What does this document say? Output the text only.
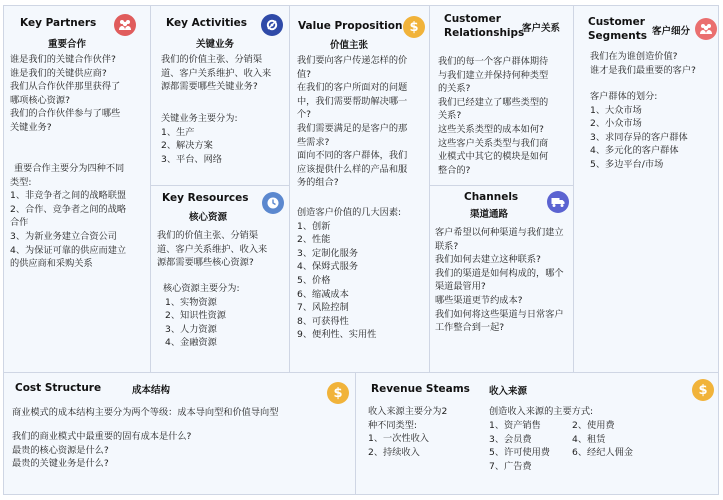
Key Partners
重要合作
谁是我们的关键合作伙伴?
谁是我们的关键供应商?
我们从合作伙伴那里获得了
哪项核心资源?
我们的合作伙伴参与了哪些
关键业务?
重要合作主要分为四种不同
类型:
1、非竞争者之间的战略联盟
2、合作、竞争者之间的战略
合作
3、为新业务建立合资公司
4、为保证可靠的供应而建立
的供应商和采购关系
Key Activities
关键业务
我们的价值主张、分销渠
道、客户关系维护、收入来
源都需要哪些关键业务?
关键业务主要分为:
1、生产
2、解决方案
3、平台、网络
Key Resources
核心资源
我们的价值主张、分销渠
道、客户关系维护、收入来
源都需要哪些核心资源?
核心资源主要分为:
1、实物资源
2、知识性资源
3、人力资源
4、金融资源
Value Proposition
价值主张
$
我们要向客户传递怎样的价
值?
在我们的客户所面对的问题
中，我们需要帮助解决哪一
个?
我们需要满足的是客户的那
些需求?
面向不同的客户群体，我们
应该提供什么样的产品和服
务的组合?
创造客户价值的几大因素:
1、创新
2、性能
3、定制化服务
4、保姆式服务
5、价格
6、缩减成本
7、风险控制
8、可获得性
9、便利性、实用性
Customer
Relationships
客户关系
我们的每一个客户群体期待
与我们建立并保持何种类型
的关系?
我们已经建立了哪些类型的
关系?
这些关系类型的成本如何?
这些客户关系类型与我们商
业模式中其它的模块是如何
整合的?
Channels
渠道通路
客户希望以何种渠道与我们建立
联系?
我们如何去建立这种联系?
我们的渠道是如何构成的，哪个
渠道最管用?
哪些渠道更节约成本?
我们如何将这些渠道与日常客户
工作整合到一起?
Customer
Segments 客户细分
我们在为谁创造价值?
谁才是我们最重要的客户?
客户群体的划分:
1、大众市场
2、小众市场
3、求同存异的客户群体
4、多元化的客户群体
5、多边平台/市场
Cost Structure	成本结构	$
商业模式的成本结构主要分为两个等级：成本导向型和价值导向型
我们的商业模式中最重要的固有成本是什么?
最贵的核心资源是什么?
最贵的关键业务是什么?
Revenue Steams 收入来源	$
收入来源主要分为2
种不同类型:
1、一次性收入
2、持续收入
创造收入来源的主要方式:
1、资产销售
3、会员费
5、许可使用费
7、广告费
2、使用费
4、租赁
6、经纪人佣金
